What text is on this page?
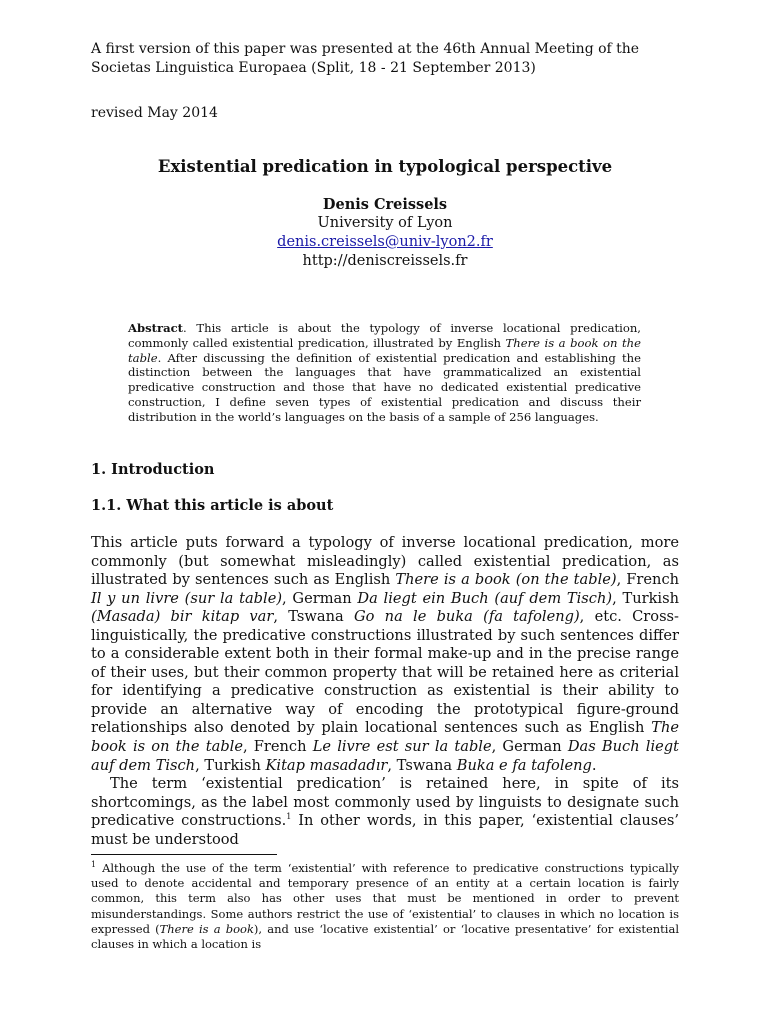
A first version of this paper was presented at the 46th Annual Meeting of the Societas Linguistica Europaea (Split, 18 - 21 September 2013)

revised May 2014

Existential predication in typological perspective
Denis Creissels
University of Lyon
denis.creissels@univ-lyon2.fr
http://deniscreissels.fr

Abstract. This article is about the typology of inverse locational predication, commonly called existential predication, illustrated by English There is a book on the table. After discussing the definition of existential predication and establishing the distinction between the languages that have grammaticalized an existential predicative construction and those that have no dedicated existential predicative construction, I define seven types of existential predication and discuss their distribution in the world’s languages on the basis of a sample of 256 languages.

1. Introduction
1.1. What this article is about

This article puts forward a typology of inverse locational predication, more commonly (but somewhat misleadingly) called existential predication, as illustrated by sentences such as English There is a book (on the table), French Il y un livre (sur la table), German Da liegt ein Buch (auf dem Tisch), Turkish (Masada) bir kitap var, Tswana Go na le buka (fa tafoleng), etc. Cross-linguistically, the predicative constructions illustrated by such sentences differ to a considerable extent both in their formal make-up and in the precise range of their uses, but their common property that will be retained here as criterial for identifying a predicative construction as existential is their ability to provide an alternative way of encoding the prototypical figure-ground relationships also denoted by plain locational sentences such as English The book is on the table, French Le livre est sur la table, German Das Buch liegt auf dem Tisch, Turkish Kitap masadadır, Tswana Buka e fa tafoleng.

The term ‘existential predication’ is retained here, in spite of its shortcomings, as the label most commonly used by linguists to designate such predicative constructions.$^1$ In other words, in this paper, ‘existential clauses’ must be understood

$^1$ Although the use of the term ‘existential’ with reference to predicative constructions typically used to denote accidental and temporary presence of an entity at a certain location is fairly common, this term also has other uses that must be mentioned in order to prevent misunderstandings. Some authors restrict the use of ‘existential’ to clauses in which no location is expressed (There is a book), and use ‘locative existential’ or ‘locative presentative’ for existential clauses in which a location is
